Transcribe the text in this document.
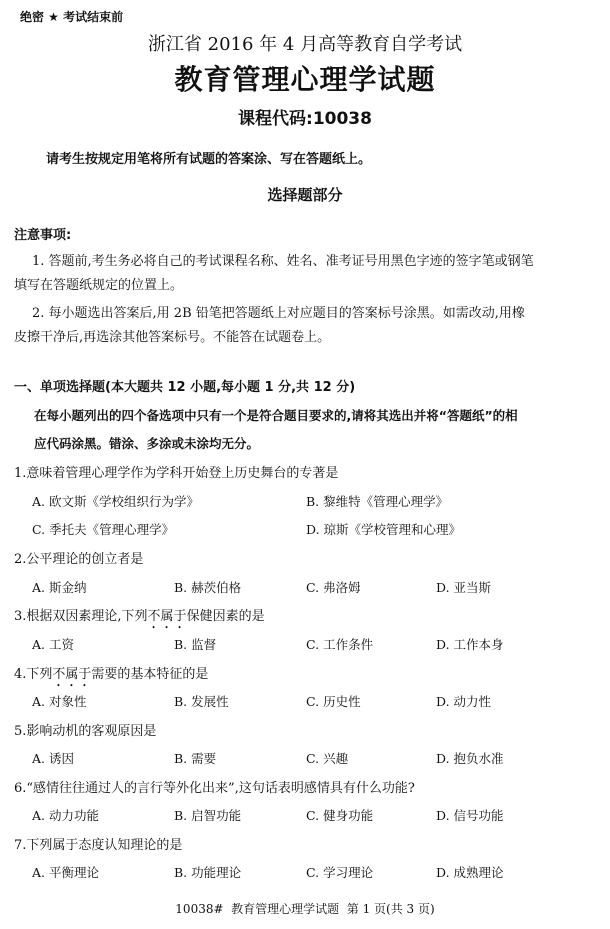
绝密 ★ 考试结束前
浙江省 2016 年 4 月高等教育自学考试
教育管理心理学试题
课程代码:10038
请考生按规定用笔将所有试题的答案涂、写在答题纸上。
选择题部分
注意事项:
1. 答题前,考生务必将自己的考试课程名称、姓名、准考证号用黑色字迹的签字笔或钢笔
填写在答题纸规定的位置上。
2. 每小题选出答案后,用 2B 铅笔把答题纸上对应题目的答案标号涂黑。如需改动,用橡
皮擦干净后,再选涂其他答案标号。不能答在试题卷上。
一、单项选择题(本大题共 12 小题,每小题 1 分,共 12 分)
在每小题列出的四个备选项中只有一个是符合题目要求的,请将其选出并将“答题纸”的相
应代码涂黑。错涂、多涂或未涂均无分。
1.意味着管理心理学作为学科开始登上历史舞台的专著是
A. 欧文斯《学校组织行为学》	B. 黎维特《管理心理学》
C. 季托夫《管理心理学》	D. 琼斯《学校管理和心理》
2.公平理论的创立者是
A. 斯金纳	B. 赫茨伯格	C. 弗洛姆	D. 亚当斯
3.根据双因素理论,下列不属于保健因素的是
A. 工资	B. 监督	C. 工作条件	D. 工作本身
4.下列不属于需要的基本特征的是
A. 对象性	B. 发展性	C. 历史性	D. 动力性
5.影响动机的客观原因是
A. 诱因	B. 需要	C. 兴趣	D. 抱负水准
6.“感情往往通过人的言行等外化出来”,这句话表明感情具有什么功能?
A. 动力功能	B. 启智功能	C. 健身功能	D. 信号功能
7.下列属于态度认知理论的是
A. 平衡理论	B. 功能理论	C. 学习理论	D. 成熟理论
10038#  教育管理心理学试题  第 1 页(共 3 页)
